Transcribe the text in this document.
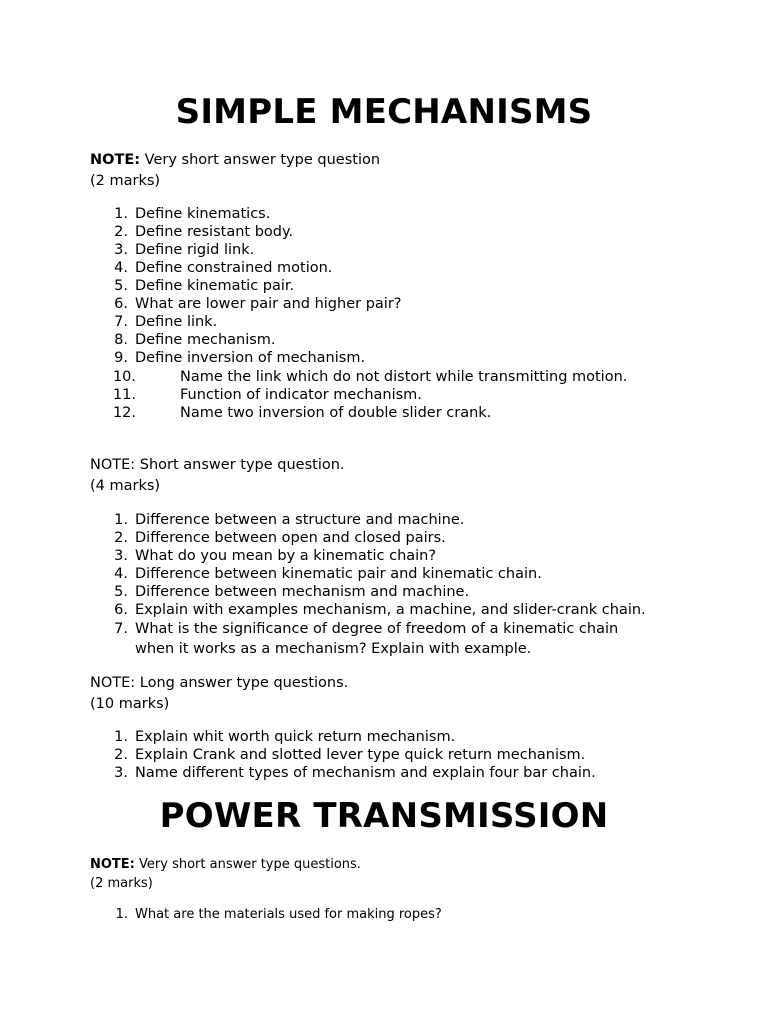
SIMPLE MECHANISMS
NOTE: Very short answer type question
(2 marks)
1. Define kinematics.
2. Define resistant body.
3. Define rigid link.
4. Define constrained motion.
5. Define kinematic pair.
6. What are lower pair and higher pair?
7. Define link.
8. Define mechanism.
9. Define inversion of mechanism.
10.	Name the link which do not distort while transmitting motion.
11.	Function of indicator mechanism.
12.	Name two inversion of double slider crank.
NOTE: Short answer type question.
(4 marks)
1. Difference between a structure and machine.
2. Difference between open and closed pairs.
3. What do you mean by a kinematic chain?
4. Difference between kinematic pair and kinematic chain.
5. Difference between mechanism and machine.
6. Explain with examples mechanism, a machine, and slider-crank chain.
7. What is the significance of degree of freedom of a kinematic chain
when it works as a mechanism? Explain with example.
NOTE: Long answer type questions.
(10 marks)
1. Explain whit worth quick return mechanism.
2. Explain Crank and slotted lever type quick return mechanism.
3. Name different types of mechanism and explain four bar chain.
POWER TRANSMISSION
NOTE: Very short answer type questions.
(2 marks)
1. What are the materials used for making ropes?
